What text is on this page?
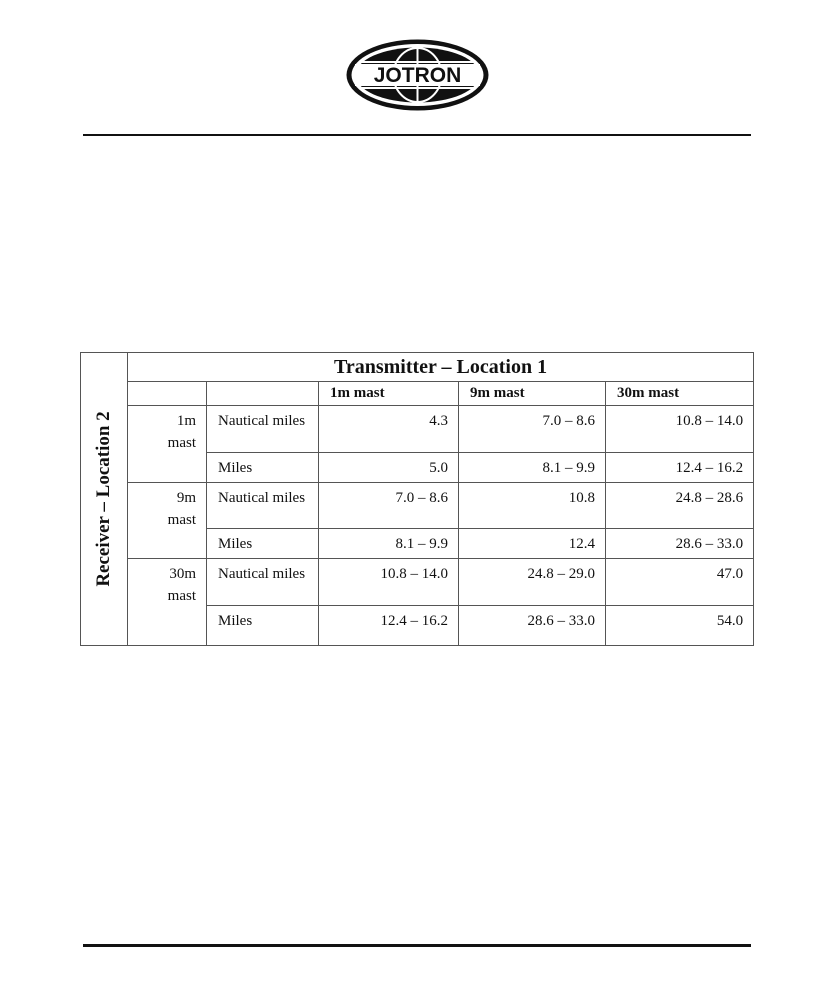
JOTRON
Receiver – Location 2	Transmitter – Location 1				
			1m mast	9m mast	30m mast
	1m mast	Nautical miles	4.3	7.0 – 8.6	10.8 – 14.0
		Miles	5.0	8.1 – 9.9	12.4 – 16.2
	9m mast	Nautical miles	7.0 – 8.6	10.8	24.8 – 28.6
		Miles	8.1 – 9.9	12.4	28.6 – 33.0
	30m mast	Nautical miles	10.8 – 14.0	24.8 – 29.0	47.0
		Miles	12.4 – 16.2	28.6 – 33.0	54.0
